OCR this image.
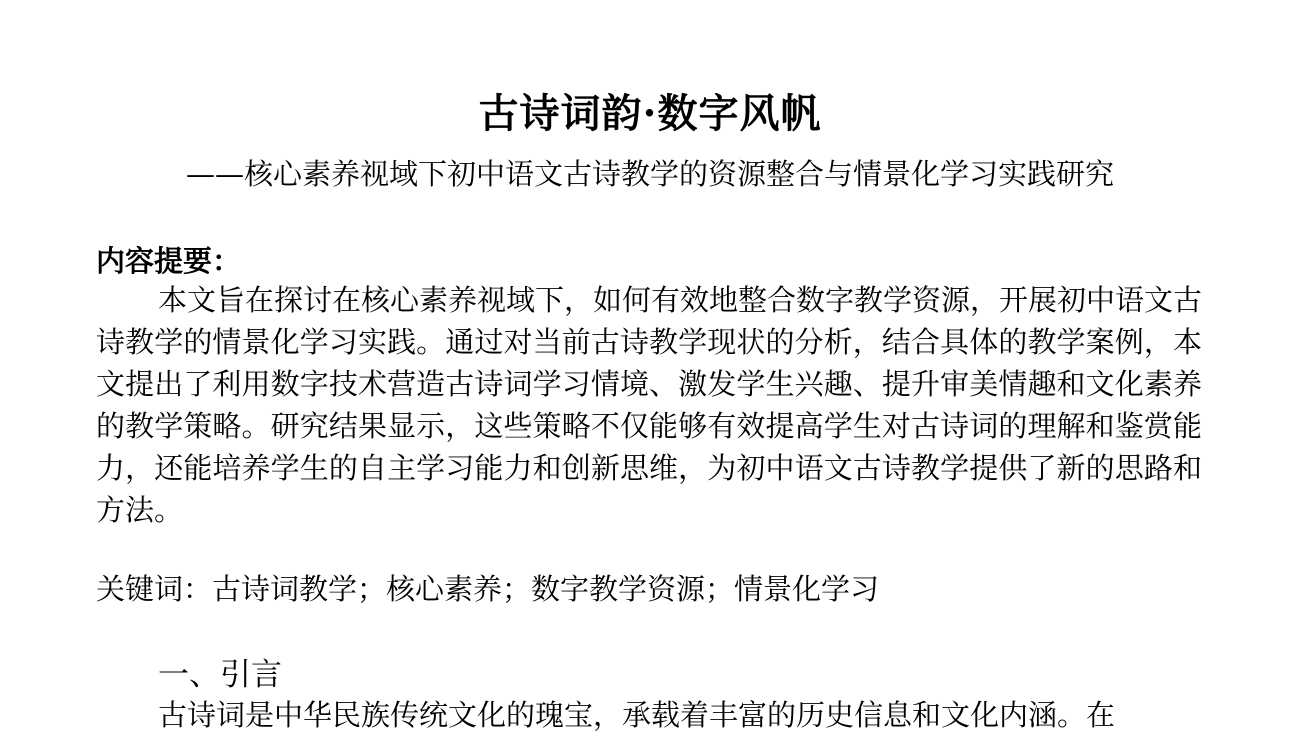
古诗词韵·数字风帆
——核心素养视域下初中语文古诗教学的资源整合与情景化学习实践研究
内容提要：

本文旨在探讨在核心素养视域下，如何有效地整合数字教学资源，开展初中语文古诗教学的情景化学习实践。通过对当前古诗教学现状的分析，结合具体的教学案例，本文提出了利用数字技术营造古诗词学习情境、激发学生兴趣、提升审美情趣和文化素养的教学策略。研究结果显示，这些策略不仅能够有效提高学生对古诗词的理解和鉴赏能力，还能培养学生的自主学习能力和创新思维，为初中语文古诗教学提供了新的思路和方法。

关键词：古诗词教学；核心素养；数字教学资源；情景化学习
一、引言
古诗词是中华民族传统文化的瑰宝，承载着丰富的历史信息和文化内涵。在
